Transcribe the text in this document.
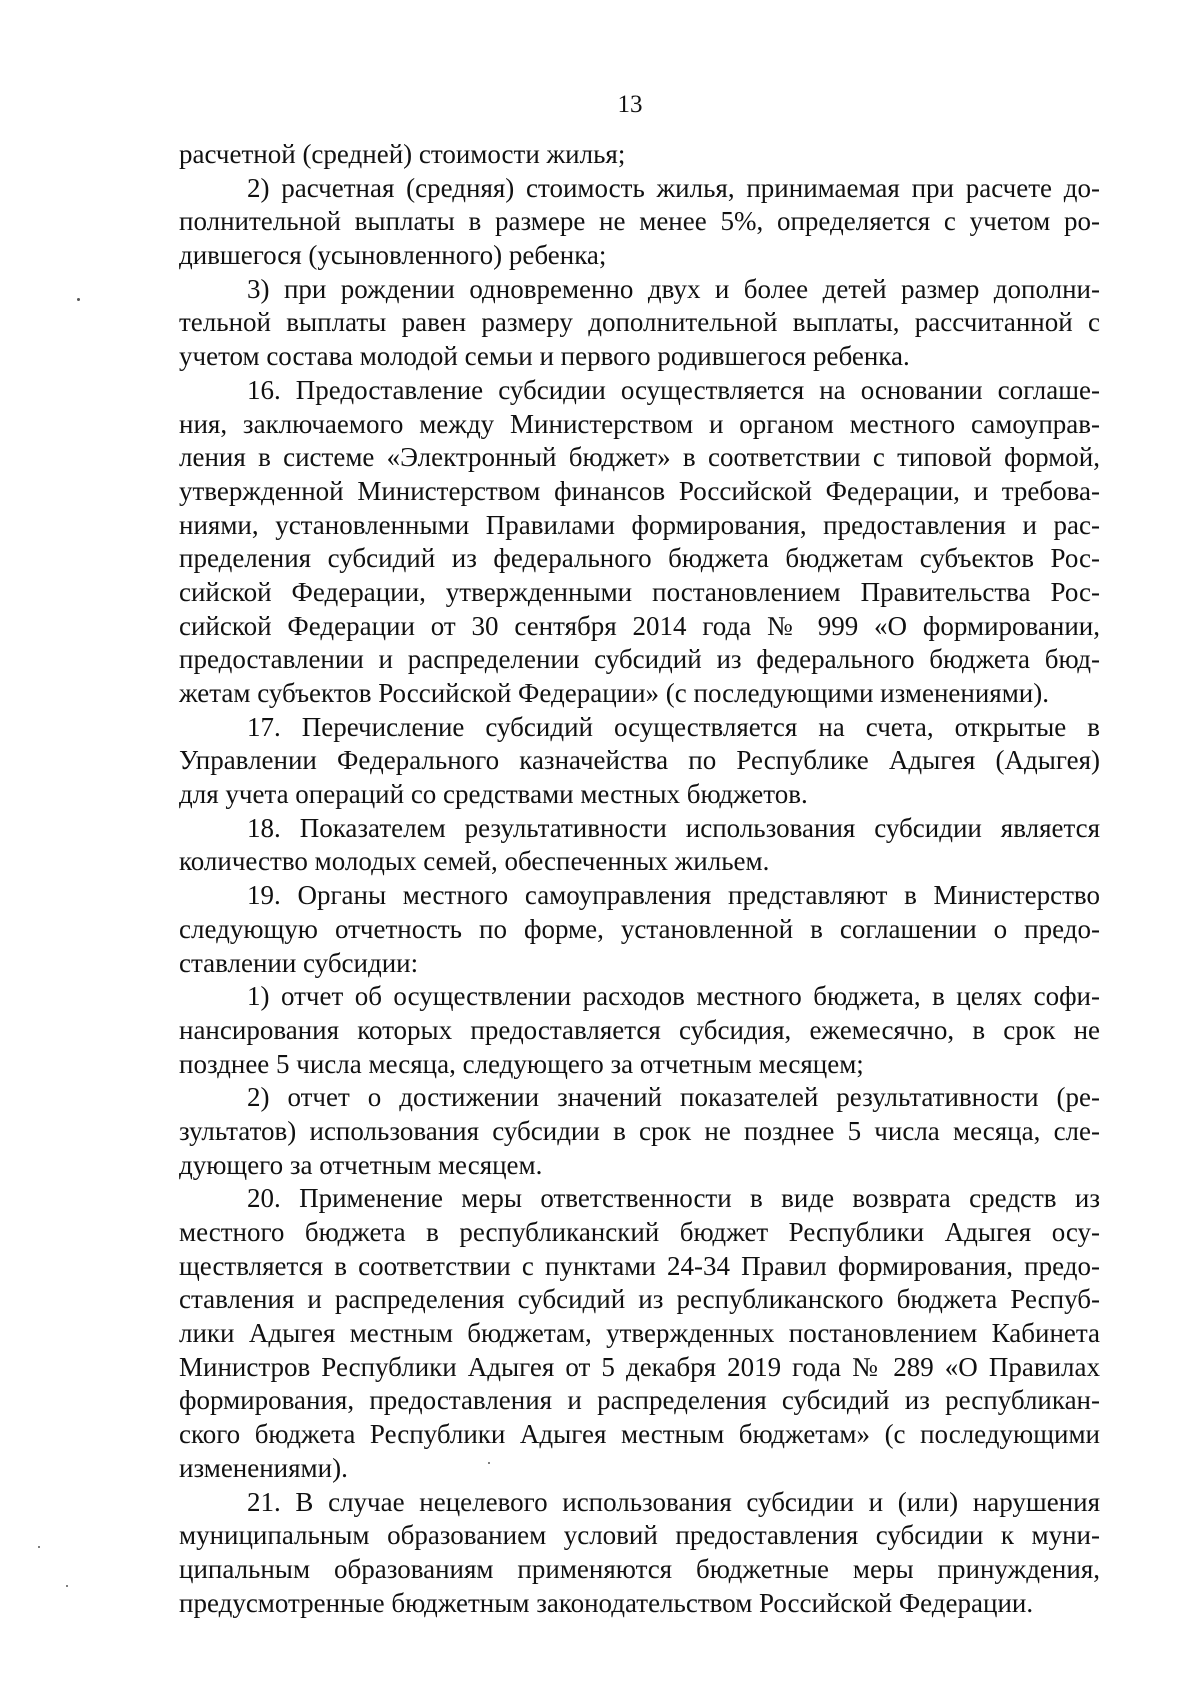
13
расчетной (средней) стоимости жилья;
2) расчетная (средняя) стоимость жилья, принимаемая при расчете до-
полнительной выплаты в размере не менее 5%, определяется с учетом ро-
дившегося (усыновленного) ребенка;
3) при рождении одновременно двух и более детей размер дополни-
тельной выплаты равен размеру дополнительной выплаты, рассчитанной с
учетом состава молодой семьи и первого родившегося ребенка.
16. Предоставление субсидии осуществляется на основании соглаше-
ния, заключаемого между Министерством и органом местного самоуправ-
ления в системе «Электронный бюджет» в соответствии с типовой формой,
утвержденной Министерством финансов Российской Федерации, и требова-
ниями, установленными Правилами формирования, предоставления и рас-
пределения субсидий из федерального бюджета бюджетам субъектов Рос-
сийской Федерации, утвержденными постановлением Правительства Рос-
сийской Федерации от 30 сентября 2014 года № 999 «О формировании,
предоставлении и распределении субсидий из федерального бюджета бюд-
жетам субъектов Российской Федерации» (с последующими изменениями).
17. Перечисление субсидий осуществляется на счета, открытые в
Управлении Федерального казначейства по Республике Адыгея (Адыгея)
для учета операций со средствами местных бюджетов.
18. Показателем результативности использования субсидии является
количество молодых семей, обеспеченных жильем.
19. Органы местного самоуправления представляют в Министерство
следующую отчетность по форме, установленной в соглашении о предо-
ставлении субсидии:
1) отчет об осуществлении расходов местного бюджета, в целях софи-
нансирования которых предоставляется субсидия, ежемесячно, в срок не
позднее 5 числа месяца, следующего за отчетным месяцем;
2) отчет о достижении значений показателей результативности (ре-
зультатов) использования субсидии в срок не позднее 5 числа месяца, сле-
дующего за отчетным месяцем.
20. Применение меры ответственности в виде возврата средств из
местного бюджета в республиканский бюджет Республики Адыгея осу-
ществляется в соответствии с пунктами 24-34 Правил формирования, предо-
ставления и распределения субсидий из республиканского бюджета Респуб-
лики Адыгея местным бюджетам, утвержденных постановлением Кабинета
Министров Республики Адыгея от 5 декабря 2019 года № 289 «О Правилах
формирования, предоставления и распределения субсидий из республикан-
ского бюджета Республики Адыгея местным бюджетам» (с последующими
изменениями).
21. В случае нецелевого использования субсидии и (или) нарушения
муниципальным образованием условий предоставления субсидии к муни-
ципальным образованиям применяются бюджетные меры принуждения,
предусмотренные бюджетным законодательством Российской Федерации.
